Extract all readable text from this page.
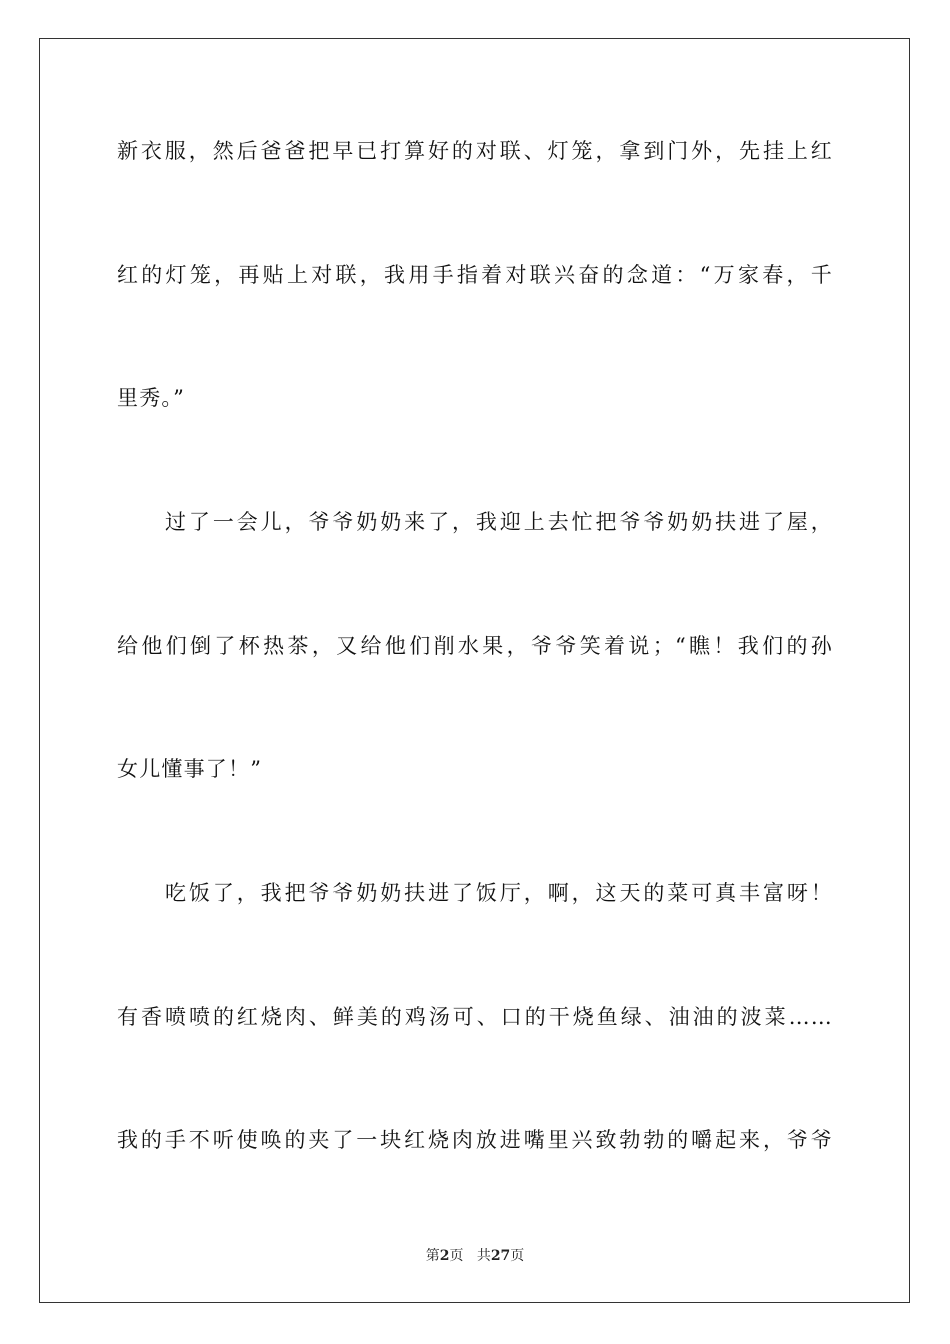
新衣服，然后爸爸把早已打算好的对联、灯笼，拿到门外，先挂上红
红的灯笼，再贴上对联，我用手指着对联兴奋的念道：“万家春，千
里秀。”
过了一会儿，爷爷奶奶来了，我迎上去忙把爷爷奶奶扶进了屋，
给他们倒了杯热茶，又给他们削水果，爷爷笑着说；“瞧！我们的孙
女儿懂事了！”
吃饭了，我把爷爷奶奶扶进了饭厅，啊，这天的菜可真丰富呀！
有香喷喷的红烧肉、鲜美的鸡汤可、口的干烧鱼绿、油油的波菜……
我的手不听使唤的夹了一块红烧肉放进嘴里兴致勃勃的嚼起来，爷爷
第2页 共27页
